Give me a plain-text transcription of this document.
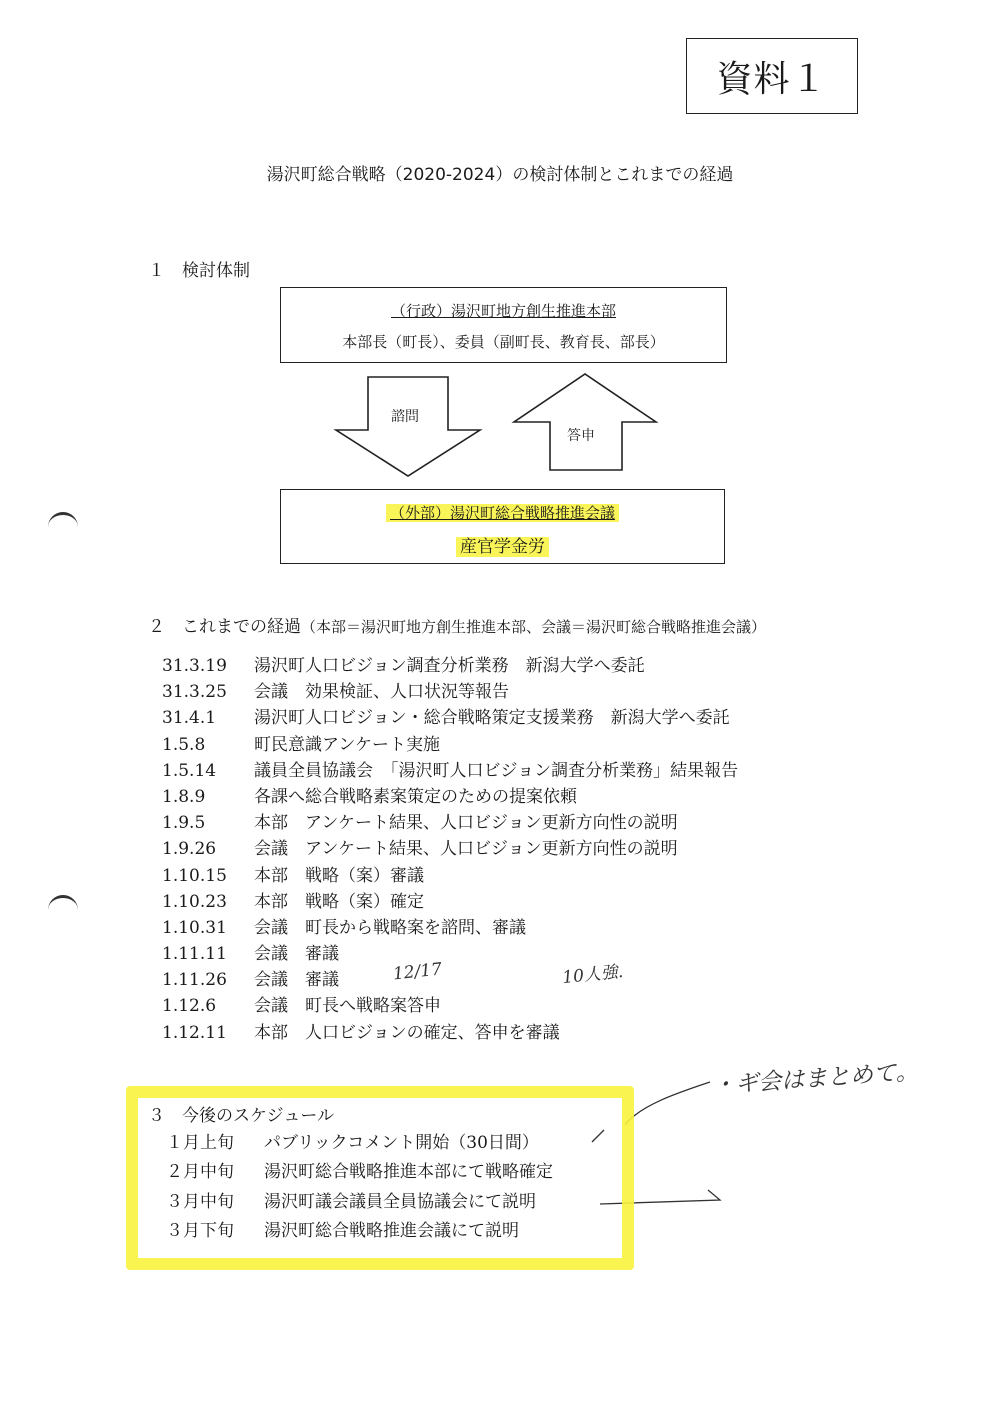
資料１
湯沢町総合戦略（2020-2024）の検討体制とこれまでの経過
１ 検討体制
（行政）湯沢町地方創生推進本部
本部長（町長）、委員（副町長、教育長、部長）
諮問
答申
（外部）湯沢町総合戦略推進会議
産官学金労
２ これまでの経過（本部＝湯沢町地方創生推進本部、会議＝湯沢町総合戦略推進会議）
31.3.19 湯沢町人口ビジョン調査分析業務　新潟大学へ委託
31.3.25 会議　効果検証、人口状況等報告
31.4.1 湯沢町人口ビジョン・総合戦略策定支援業務　新潟大学へ委託
1.5.8	町民意識アンケート実施
1.5.14 議員全員協議会　「湯沢町人口ビジョン調査分析業務」結果報告
1.8.9	各課へ総合戦略素案策定のための提案依頼
1.9.5	本部　アンケート結果、人口ビジョン更新方向性の説明
1.9.26 会議　アンケート結果、人口ビジョン更新方向性の説明
1.10.15 本部　戦略（案）審議
1.10.23 本部　戦略（案）確定
1.10.31 会議　町長から戦略案を諮問、審議
1.11.11 会議　審議
1.11.26 会議　審議
1.12.6 会議　町長へ戦略案答申
1.12.11 本部　人口ビジョンの確定、答申を審議
12/17	10人強.
・ギ会はまとめて。
３ 今後のスケジュール
１月上旬 パブリックコメント開始（30日間）
２月中旬 湯沢町総合戦略推進本部にて戦略確定
３月中旬 湯沢町議会議員全員協議会にて説明
３月下旬 湯沢町総合戦略推進会議にて説明
